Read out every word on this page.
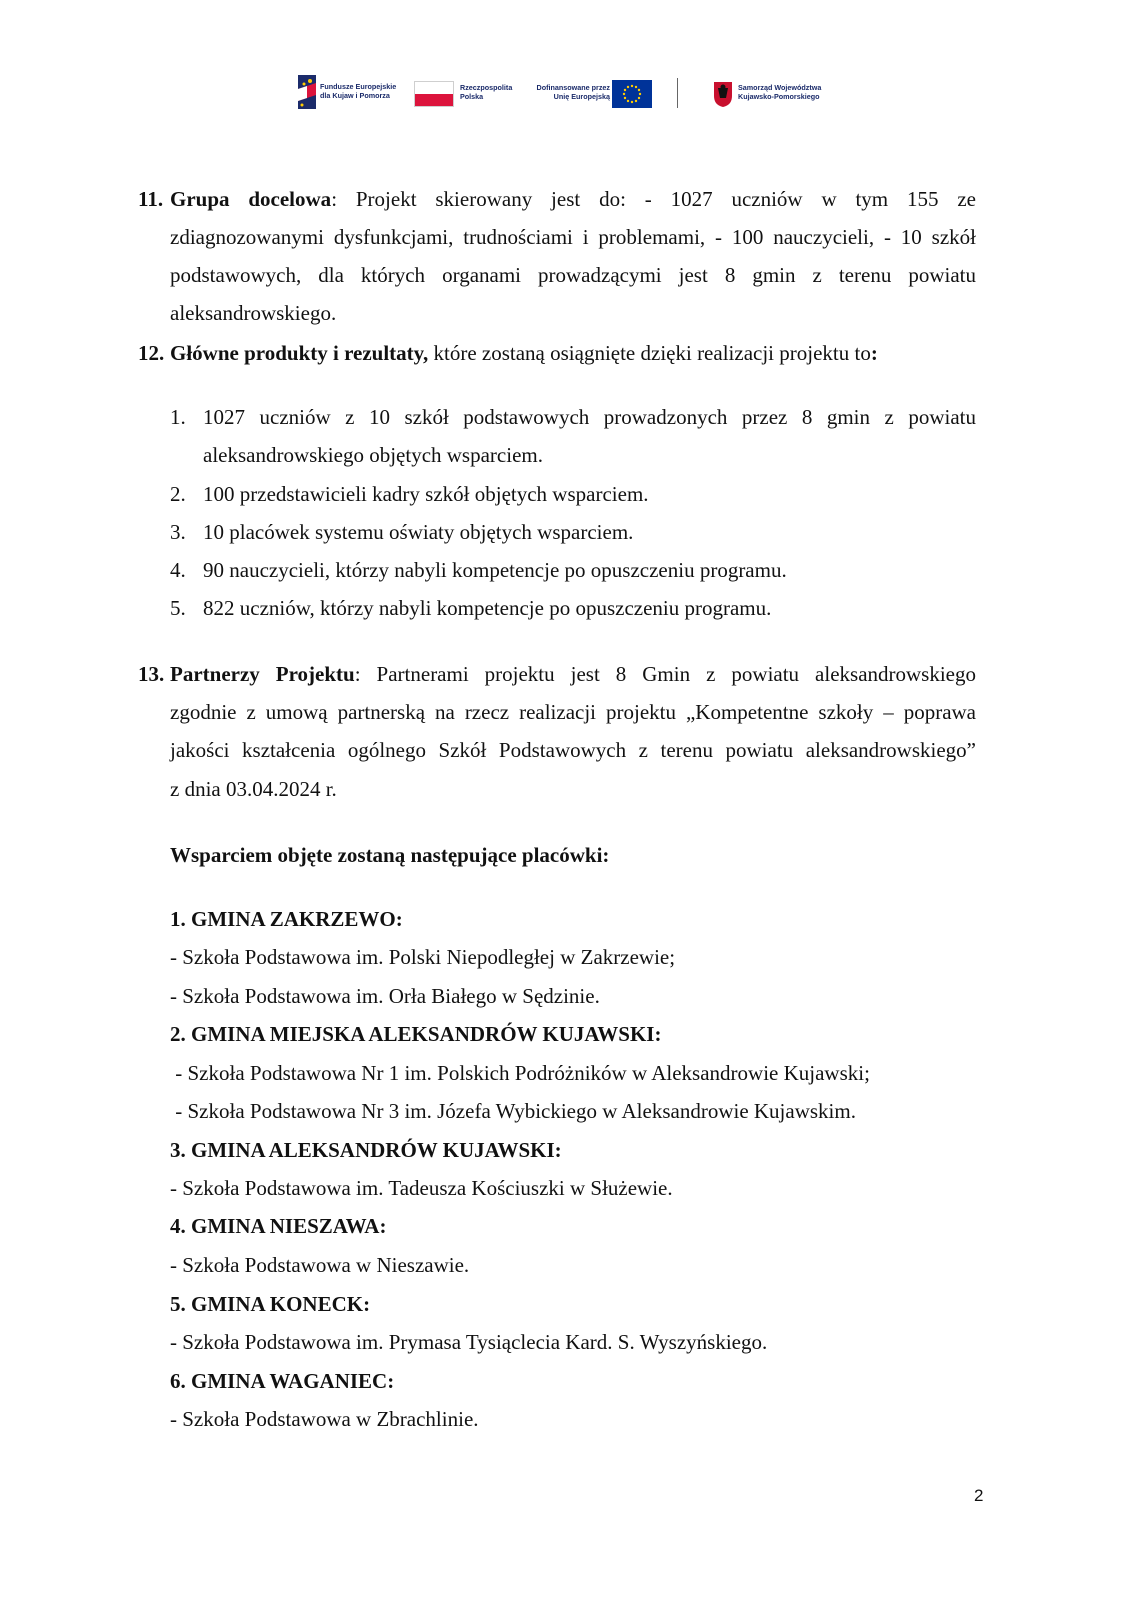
Fundusze Europejskie
dla Kujaw i Pomorza
Rzeczpospolita
Polska
Dofinansowane przez
Unię Europejską
Samorząd Województwa
Kujawsko-Pomorskiego
11. Grupa docelowa: Projekt skierowany jest do: - 1027 uczniów w tym 155 ze
zdiagnozowanymi dysfunkcjami, trudnościami i problemami, - 100 nauczycieli, - 10 szkół
podstawowych, dla których organami prowadzącymi jest 8 gmin z terenu powiatu
aleksandrowskiego.
12. Główne produkty i rezultaty, które zostaną osiągnięte dzięki realizacji projektu to:
1. 1027 uczniów z 10 szkół podstawowych prowadzonych przez 8 gmin z powiatu
aleksandrowskiego objętych wsparciem.
2. 100 przedstawicieli kadry szkół objętych wsparciem.
3. 10 placówek systemu oświaty objętych wsparciem.
4. 90 nauczycieli, którzy nabyli kompetencje po opuszczeniu programu.
5. 822 uczniów, którzy nabyli kompetencje po opuszczeniu programu.
13. Partnerzy Projektu: Partnerami projektu jest 8 Gmin z powiatu aleksandrowskiego
zgodnie z umową partnerską na rzecz realizacji projektu „Kompetentne szkoły – poprawa
jakości kształcenia ogólnego Szkół Podstawowych z terenu powiatu aleksandrowskiego”
z dnia 03.04.2024 r.
Wsparciem objęte zostaną następujące placówki:
1. GMINA ZAKRZEWO:
- Szkoła Podstawowa im. Polski Niepodległej w Zakrzewie;
- Szkoła Podstawowa im. Orła Białego w Sędzinie.
2. GMINA MIEJSKA ALEKSANDRÓW KUJAWSKI:
- Szkoła Podstawowa Nr 1 im. Polskich Podróżników w Aleksandrowie Kujawski;
- Szkoła Podstawowa Nr 3 im. Józefa Wybickiego w Aleksandrowie Kujawskim.
3. GMINA ALEKSANDRÓW KUJAWSKI:
- Szkoła Podstawowa im. Tadeusza Kościuszki w Służewie.
4. GMINA NIESZAWA:
- Szkoła Podstawowa w Nieszawie.
5. GMINA KONECK:
- Szkoła Podstawowa im. Prymasa Tysiąclecia Kard. S. Wyszyńskiego.
6. GMINA WAGANIEC:
- Szkoła Podstawowa w Zbrachlinie.
2
